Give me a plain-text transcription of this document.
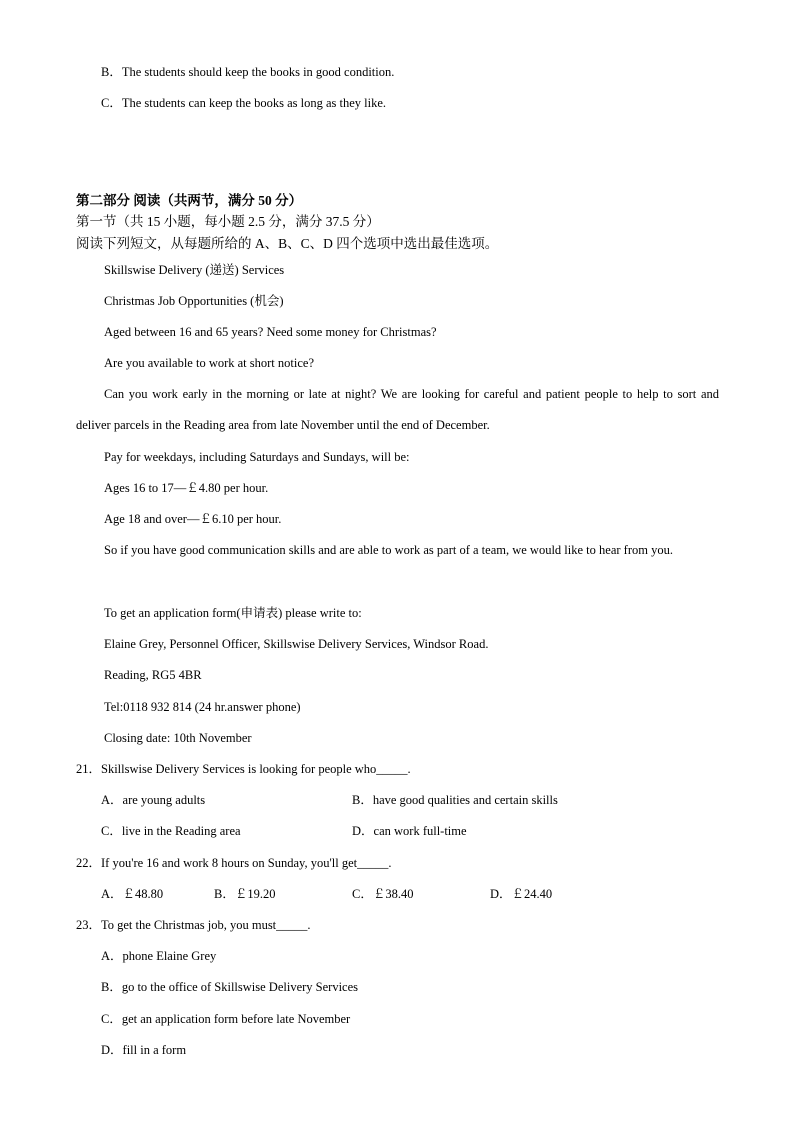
B．The students should keep the books in good condition.
C．The students can keep the books as long as they like.
第二部分 阅读（共两节，满分 50 分）
第一节（共 15 小题，每小题 2.5 分，满分 37.5 分）
阅读下列短文，从每题所给的 A、B、C、D 四个选项中选出最佳选项。
Skillswise Delivery (递送) Services
Christmas Job Opportunities (机会)
Aged between 16 and 65 years? Need some money for Christmas?
Are you available to work at short notice?
Can you work early in the morning or late at night? We are looking for careful and patient people to help to sort and deliver parcels in the Reading area from late November until the end of December.
Pay for weekdays, including Saturdays and Sundays, will be:
Ages 16 to 17—￡4.80 per hour.
Age 18 and over—￡6.10 per hour.
So if you have good communication skills and are able to work as part of a team, we would like to hear from you.
To get an application form(申请表) please write to:
Elaine Grey, Personnel Officer, Skillswise Delivery Services, Windsor Road.
Reading, RG5 4BR
Tel:0118 932 814 (24 hr.answer phone)
Closing date: 10th November
21．Skillswise Delivery Services is looking for people who_____.
A．are young adults	B．have good qualities and certain skills
C．live in the Reading area	D．can work full-time
22．If you're 16 and work 8 hours on Sunday, you'll get_____.
A．￡48.80	B．￡19.20	C．￡38.40	D．￡24.40
23．To get the Christmas job, you must_____.
A．phone Elaine Grey
B．go to the office of Skillswise Delivery Services
C．get an application form before late November
D．fill in a form
